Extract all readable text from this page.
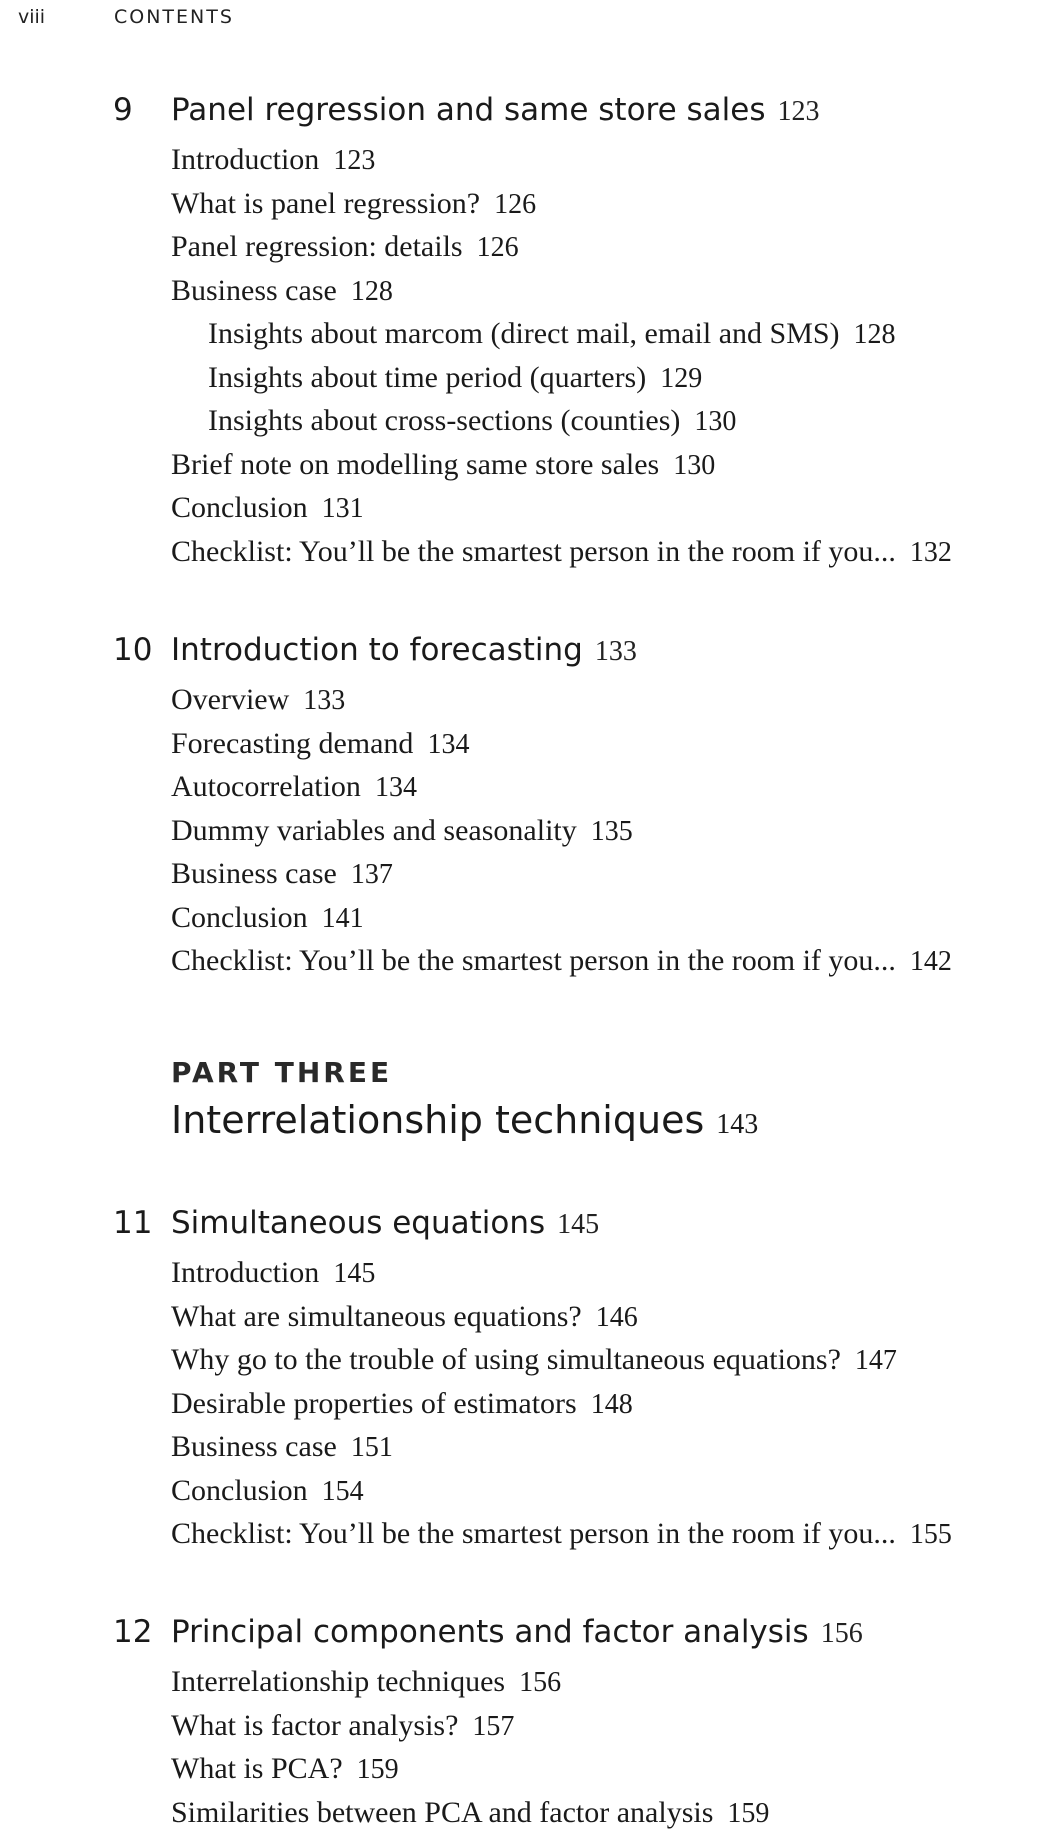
viii	CONTENTS
9 Panel regression and same store sales 123
Introduction 123
What is panel regression? 126
Panel regression: details 126
Business case 128
Insights about marcom (direct mail, email and SMS) 128
Insights about time period (quarters) 129
Insights about cross-sections (counties) 130
Brief note on modelling same store sales 130
Conclusion 131
Checklist: You’ll be the smartest person in the room if you... 132
10 Introduction to forecasting 133
Overview 133
Forecasting demand 134
Autocorrelation 134
Dummy variables and seasonality 135
Business case 137
Conclusion 141
Checklist: You’ll be the smartest person in the room if you... 142
PART THREE
Interrelationship techniques 143
11 Simultaneous equations 145
Introduction 145
What are simultaneous equations? 146
Why go to the trouble of using simultaneous equations? 147
Desirable properties of estimators 148
Business case 151
Conclusion 154
Checklist: You’ll be the smartest person in the room if you... 155
12 Principal components and factor analysis 156
Interrelationship techniques 156
What is factor analysis? 157
What is PCA? 159
Similarities between PCA and factor analysis 159
